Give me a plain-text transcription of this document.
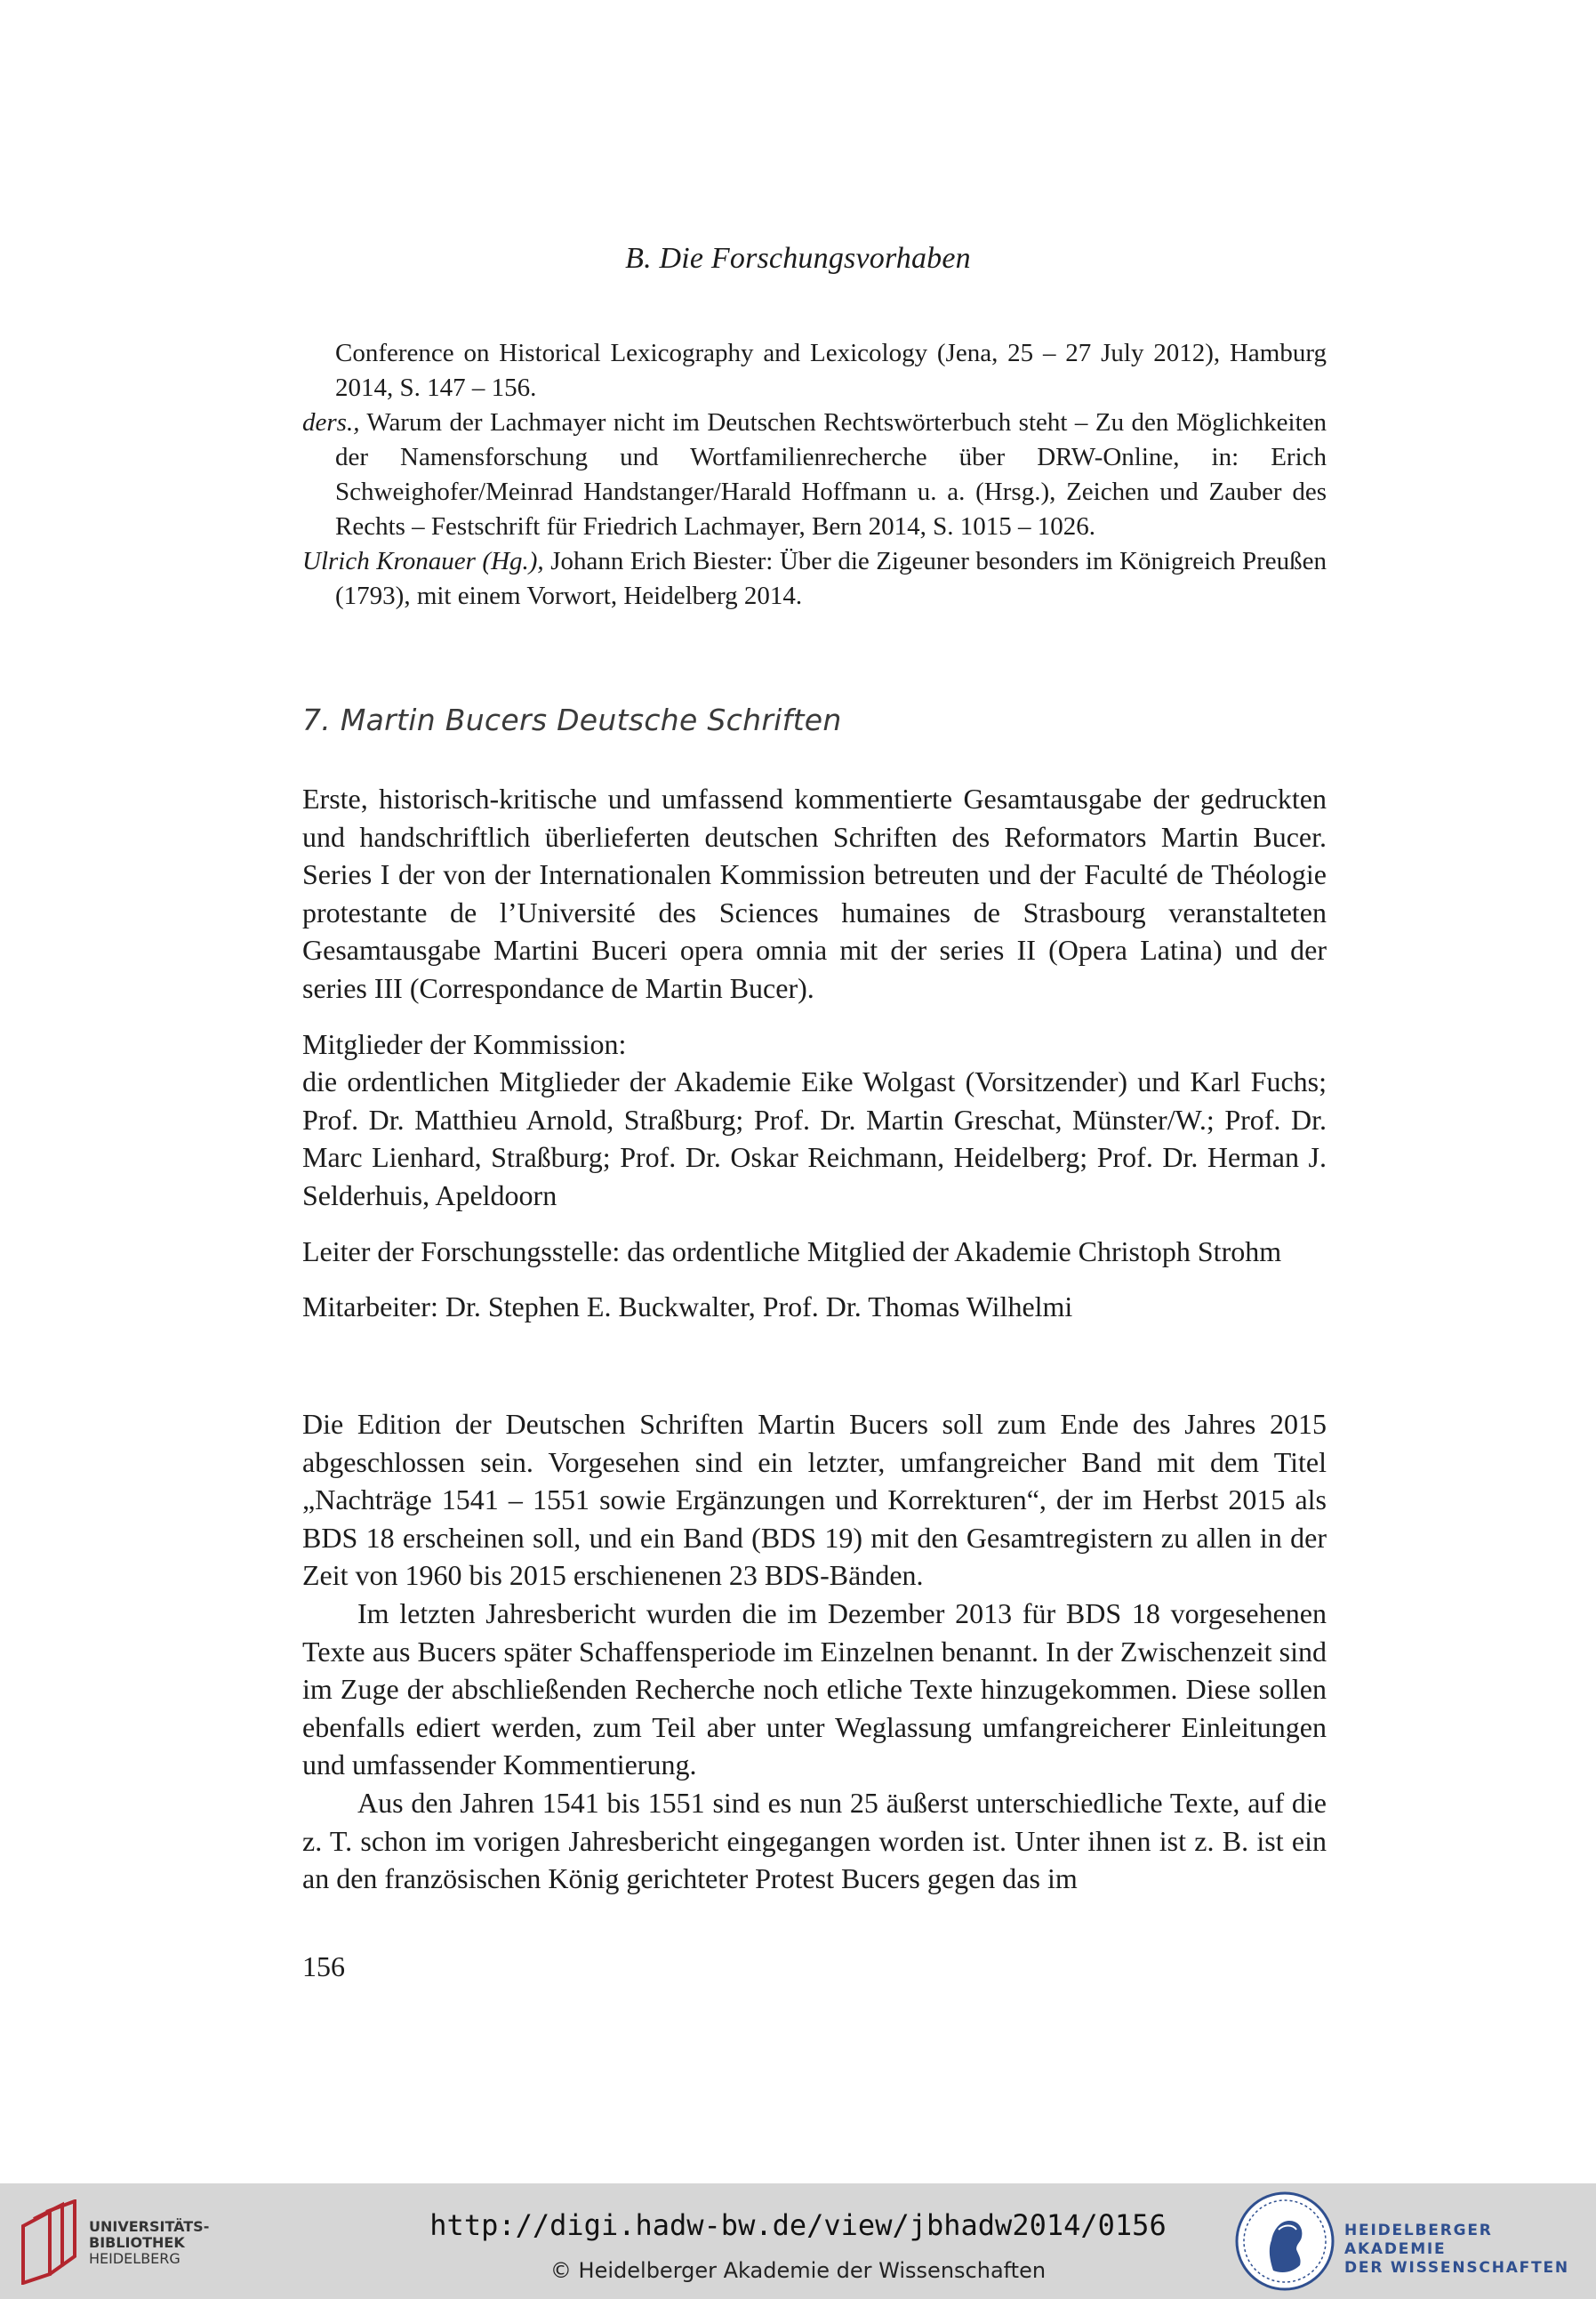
B. Die Forschungsvorhaben

Conference on Historical Lexicography and Lexicology (Jena, 25 – 27 July 2012), Hamburg 2014, S. 147 – 156.

ders., Warum der Lachmayer nicht im Deutschen Rechtswörterbuch steht – Zu den Möglichkeiten der Namensforschung und Wortfamilienrecherche über DRW-Online, in: Erich Schweighofer/Meinrad Handstanger/Harald Hoffmann u. a. (Hrsg.), Zeichen und Zauber des Rechts – Festschrift für Friedrich Lachmayer, Bern 2014, S. 1015 – 1026.

Ulrich Kronauer (Hg.), Johann Erich Biester: Über die Zigeuner besonders im Königreich Preußen (1793), mit einem Vorwort, Heidelberg 2014.

7. Martin Bucers Deutsche Schriften

Erste, historisch-kritische und umfassend kommentierte Gesamtausgabe der gedruckten und handschriftlich überlieferten deutschen Schriften des Reformators Martin Bucer. Series I der von der Internationalen Kommission betreuten und der Faculté de Théologie protestante de l’Université des Sciences humaines de Strasbourg veranstalteten Gesamtausgabe Martini Buceri opera omnia mit der series II (Opera Latina) und der series III (Correspondance de Martin Bucer).

Mitglieder der Kommission:

die ordentlichen Mitglieder der Akademie Eike Wolgast (Vorsitzender) und Karl Fuchs; Prof. Dr. Matthieu Arnold, Straßburg; Prof. Dr. Martin Greschat, Münster/W.; Prof. Dr. Marc Lienhard, Straßburg; Prof. Dr. Oskar Reichmann, Heidelberg; Prof. Dr. Herman J. Selderhuis, Apeldoorn

Leiter der Forschungsstelle: das ordentliche Mitglied der Akademie Christoph Strohm

Mitarbeiter: Dr. Stephen E. Buckwalter, Prof. Dr. Thomas Wilhelmi

Die Edition der Deutschen Schriften Martin Bucers soll zum Ende des Jahres 2015 abgeschlossen sein. Vorgesehen sind ein letzter, umfangreicher Band mit dem Titel „Nachträge 1541 – 1551 sowie Ergänzungen und Korrekturen“, der im Herbst 2015 als BDS 18 erscheinen soll, und ein Band (BDS 19) mit den Gesamtregistern zu allen in der Zeit von 1960 bis 2015 erschienenen 23 BDS-Bänden.

Im letzten Jahresbericht wurden die im Dezember 2013 für BDS 18 vorgesehenen Texte aus Bucers später Schaffensperiode im Einzelnen benannt. In der Zwischenzeit sind im Zuge der abschließenden Recherche noch etliche Texte hinzugekommen. Diese sollen ebenfalls ediert werden, zum Teil aber unter Weglassung umfangreicherer Einleitungen und umfassender Kommentierung.

Aus den Jahren 1541 bis 1551 sind es nun 25 äußerst unterschiedliche Texte, auf die z. T. schon im vorigen Jahresbericht eingegangen worden ist. Unter ihnen ist z. B. ist ein an den französischen König gerichteter Protest Bucers gegen das im

156
UNIVERSITÄTS-
BIBLIOTHEK
HEIDELBERG
http://digi.hadw-bw.de/view/jbhadw2014/0156
© Heidelberger Akademie der Wissenschaften
HEIDELBERGER AKADEMIE
DER WISSENSCHAFTEN
